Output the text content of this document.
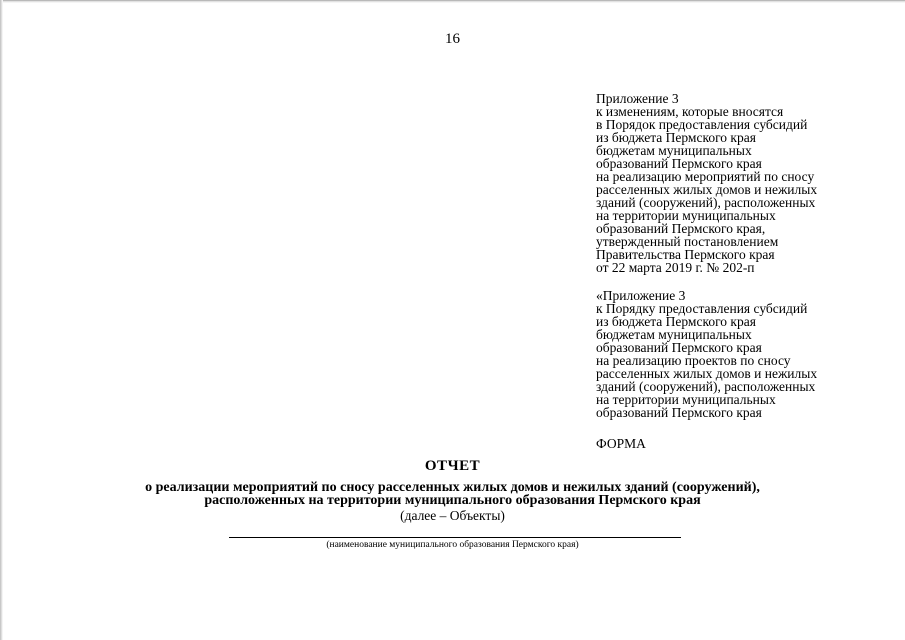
16
Приложение 3
к изменениям, которые вносятся
в Порядок предоставления субсидий
из бюджета Пермского края
бюджетам муниципальных
образований Пермского края
на реализацию мероприятий по сносу
расселенных жилых домов и нежилых
зданий (сооружений), расположенных
на территории муниципальных
образований Пермского края,
утвержденный постановлением
Правительства Пермского края
от 22 марта 2019 г. № 202-п
«Приложение 3
к Порядку предоставления субсидий
из бюджета Пермского края
бюджетам муниципальных
образований Пермского края
на реализацию проектов по сносу
расселенных жилых домов и нежилых
зданий (сооружений), расположенных
на территории муниципальных
образований Пермского края
ФОРМА
ОТЧЕТ
о реализации мероприятий по сносу расселенных жилых домов и нежилых зданий (сооружений),
расположенных на территории муниципального образования Пермского края
(далее – Объекты)
(наименование муниципального образования Пермского края)
